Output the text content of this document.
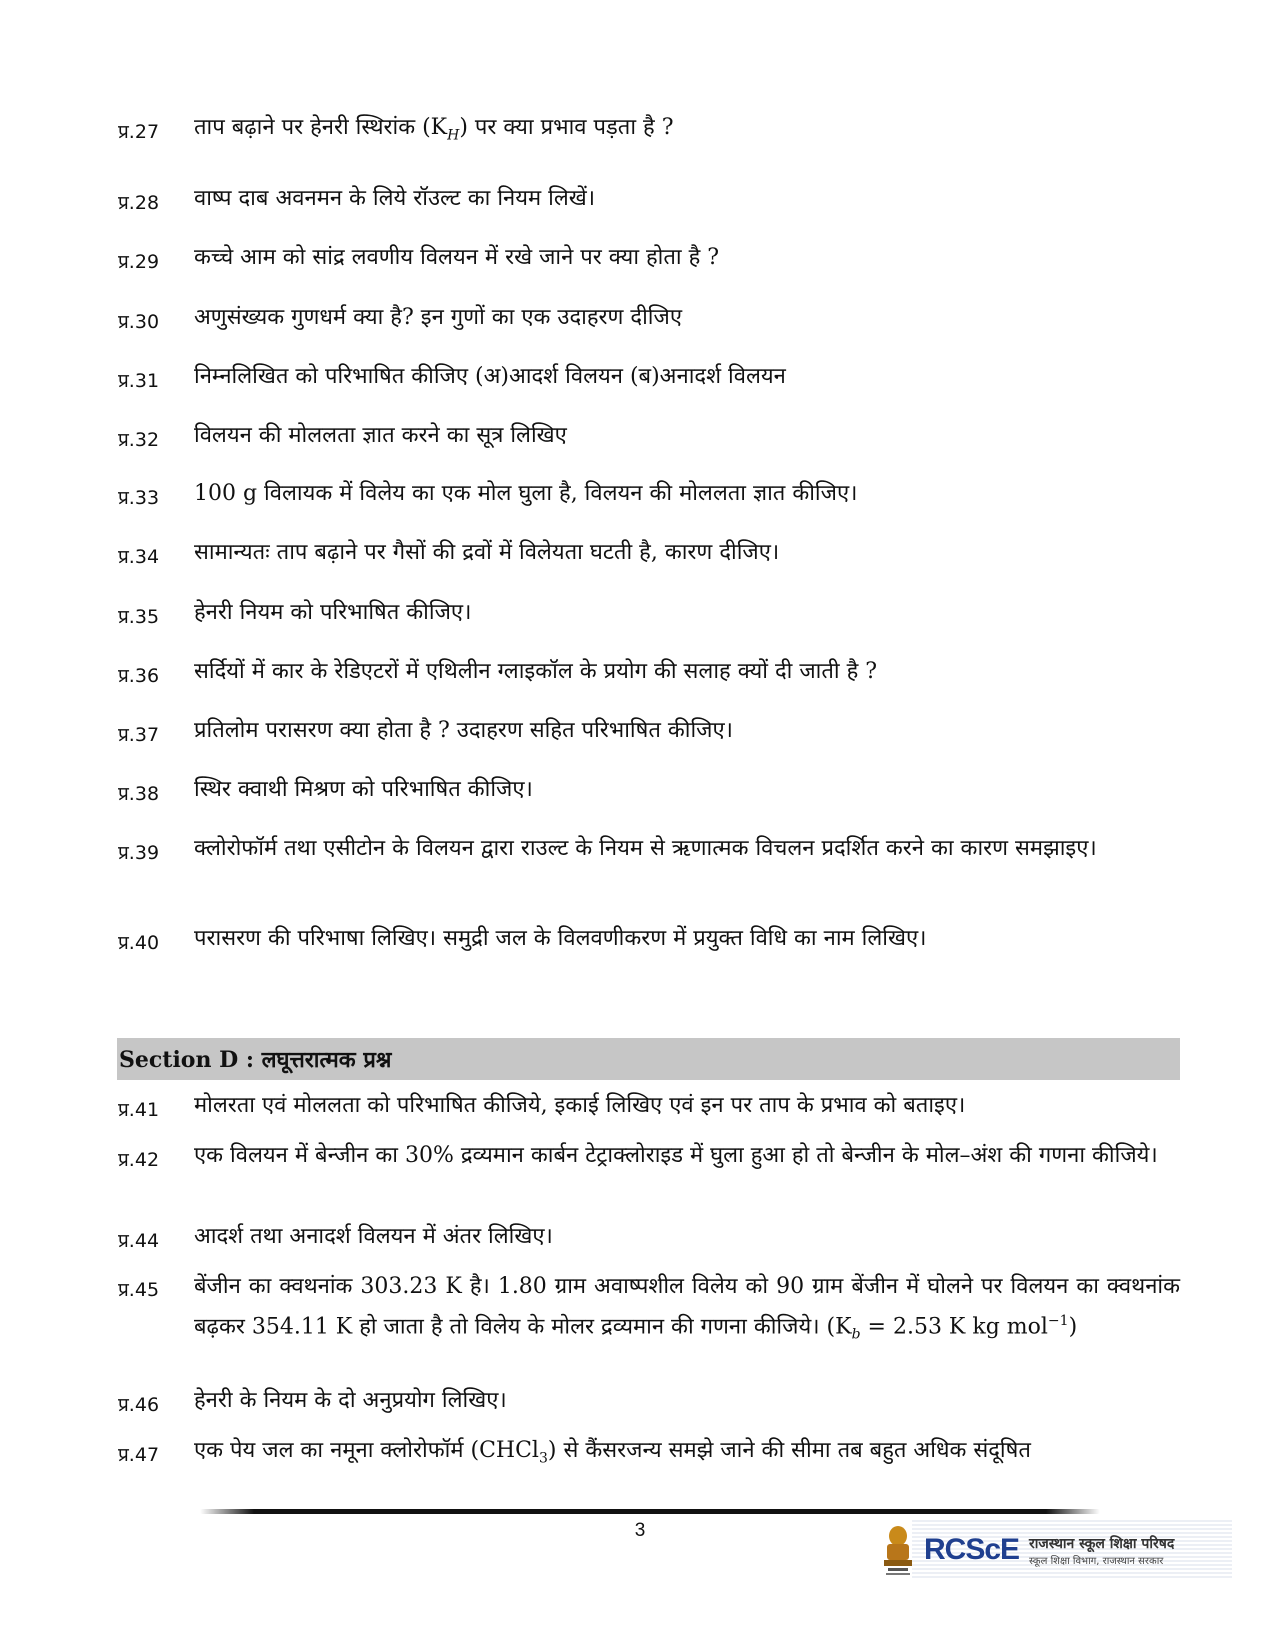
प्र.27	ताप बढ़ाने पर हेनरी स्थिरांक $(K_H)$ पर क्या प्रभाव पड़ता है ?
प्र.28	वाष्प दाब अवनमन के लिये रॉउल्ट का नियम लिखें।
प्र.29	कच्चे आम को सांद्र लवणीय विलयन में रखे जाने पर क्या होता है ?
प्र.30	अणुसंख्यक गुणधर्म क्या है? इन गुणों का एक उदाहरण दीजिए
प्र.31	निम्नलिखित को परिभाषित कीजिए (अ)आदर्श विलयन (ब)अनादर्श विलयन
प्र.32	विलयन की मोललता ज्ञात करने का सूत्र लिखिए
प्र.33	100 g विलायक में विलेय का एक मोल घुला है, विलयन की मोललता ज्ञात कीजिए।
प्र.34	सामान्यतः ताप बढ़ाने पर गैसों की द्रवों में विलेयता घटती है, कारण दीजिए।
प्र.35	हेनरी नियम को परिभाषित कीजिए।
प्र.36	सर्दियों में कार के रेडिएटरों में एथिलीन ग्लाइकॉल के प्रयोग की सलाह क्यों दी जाती है ?
प्र.37	प्रतिलोम परासरण क्या होता है ? उदाहरण सहित परिभाषित कीजिए।
प्र.38	स्थिर क्वाथी मिश्रण को परिभाषित कीजिए।
प्र.39	क्लोरोफॉर्म तथा एसीटोन के विलयन द्वारा राउल्ट के नियम से ऋणात्मक विचलन प्रदर्शित करने का कारण समझाइए।
प्र.40	परासरण की परिभाषा लिखिए। समुद्री जल के विलवणीकरण में प्रयुक्त विधि का नाम लिखिए।
Section D : लघूत्तरात्मक प्रश्न
प्र.41	मोलरता एवं मोललता को परिभाषित कीजिये, इकाई लिखिए एवं इन पर ताप के प्रभाव को बताइए।
प्र.42	एक विलयन में बेन्जीन का 30% द्रव्यमान कार्बन टेट्राक्लोराइड में घुला हुआ हो तो बेन्जीन के मोल–अंश की गणना कीजिये।
प्र.44	आदर्श तथा अनादर्श विलयन में अंतर लिखिए।
प्र.45	बेंजीन का क्वथनांक 303.23 K है। 1.80 ग्राम अवाष्पशील विलेय को 90 ग्राम बेंजीन में घोलने पर विलयन का क्वथनांक बढ़कर 354.11 K हो जाता है तो विलेय के मोलर द्रव्यमान की गणना कीजिये। ($K_b = 2.53$ K kg mol$^{-1}$)
प्र.46	हेनरी के नियम के दो अनुप्रयोग लिखिए।
प्र.47	एक पेय जल का नमूना क्लोरोफॉर्म (CHCl$_3$) से कैंसरजन्य समझे जाने की सीमा तब बहुत अधिक संदूषित
3
RCScE राजस्थान स्कूल शिक्षा परिषद
स्कूल शिक्षा विभाग, राजस्थान सरकार
